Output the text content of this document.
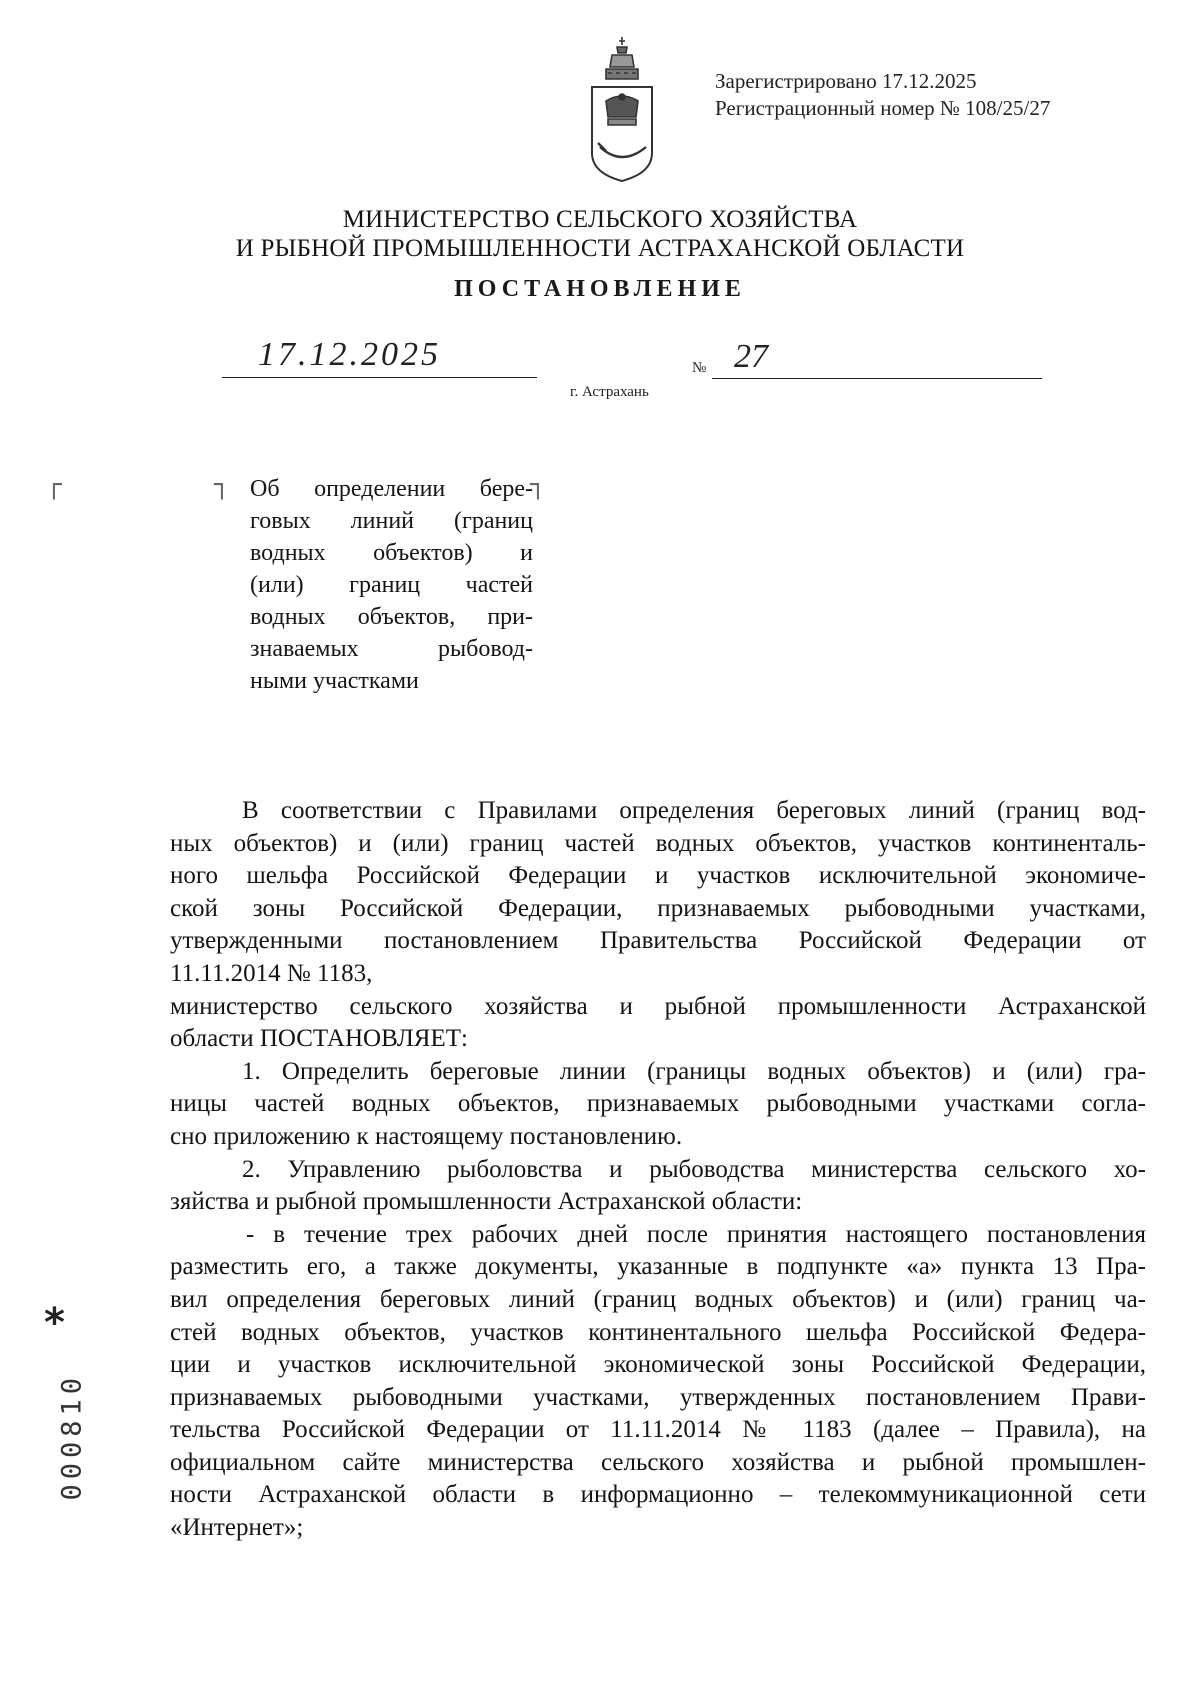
Зарегистрировано 17.12.2025
Регистрационный номер № 108/25/27
МИНИСТЕРСТВО СЕЛЬСКОГО ХОЗЯЙСТВА
И РЫБНОЙ ПРОМЫШЛЕННОСТИ АСТРАХАНСКОЙ ОБЛАСТИ
ПОСТАНОВЛЕНИЕ
17.12.2025	№ 27
г. Астрахань
┌	┐	┐
Об определении бере-
говых линий (границ
водных объектов) и
(или) границ частей
водных объектов, при-
знаваемых рыбовод-
ными участками
В соответствии с Правилами определения береговых линий (границ вод-
ных объектов) и (или) границ частей водных объектов, участков континенталь-
ного шельфа Российской Федерации и участков исключительной экономиче-
ской зоны Российской Федерации, признаваемых рыбоводными участками,
утвержденными постановлением Правительства Российской Федерации от
11.11.2014 № 1183,
министерство сельского хозяйства и рыбной промышленности Астраханской
области ПОСТАНОВЛЯЕТ:
1. Определить береговые линии (границы водных объектов) и (или) гра-
ницы частей водных объектов, признаваемых рыбоводными участками согла-
сно приложению к настоящему постановлению.
2. Управлению рыболовства и рыбоводства министерства сельского хо-
зяйства и рыбной промышленности Астраханской области:
- в течение трех рабочих дней после принятия настоящего постановления
разместить его, а также документы, указанные в подпункте «а» пункта 13 Пра-
вил определения береговых линий (границ водных объектов) и (или) границ ча-
стей водных объектов, участков континентального шельфа Российской Федера-
ции и участков исключительной экономической зоны Российской Федерации,
признаваемых рыбоводными участками, утвержденных постановлением Прави-
тельства Российской Федерации от 11.11.2014 № 1183 (далее – Правила), на
официальном сайте министерства сельского хозяйства и рыбной промышлен-
ности Астраханской области в информационно – телекоммуникационной сети
«Интернет»;
*
000810
